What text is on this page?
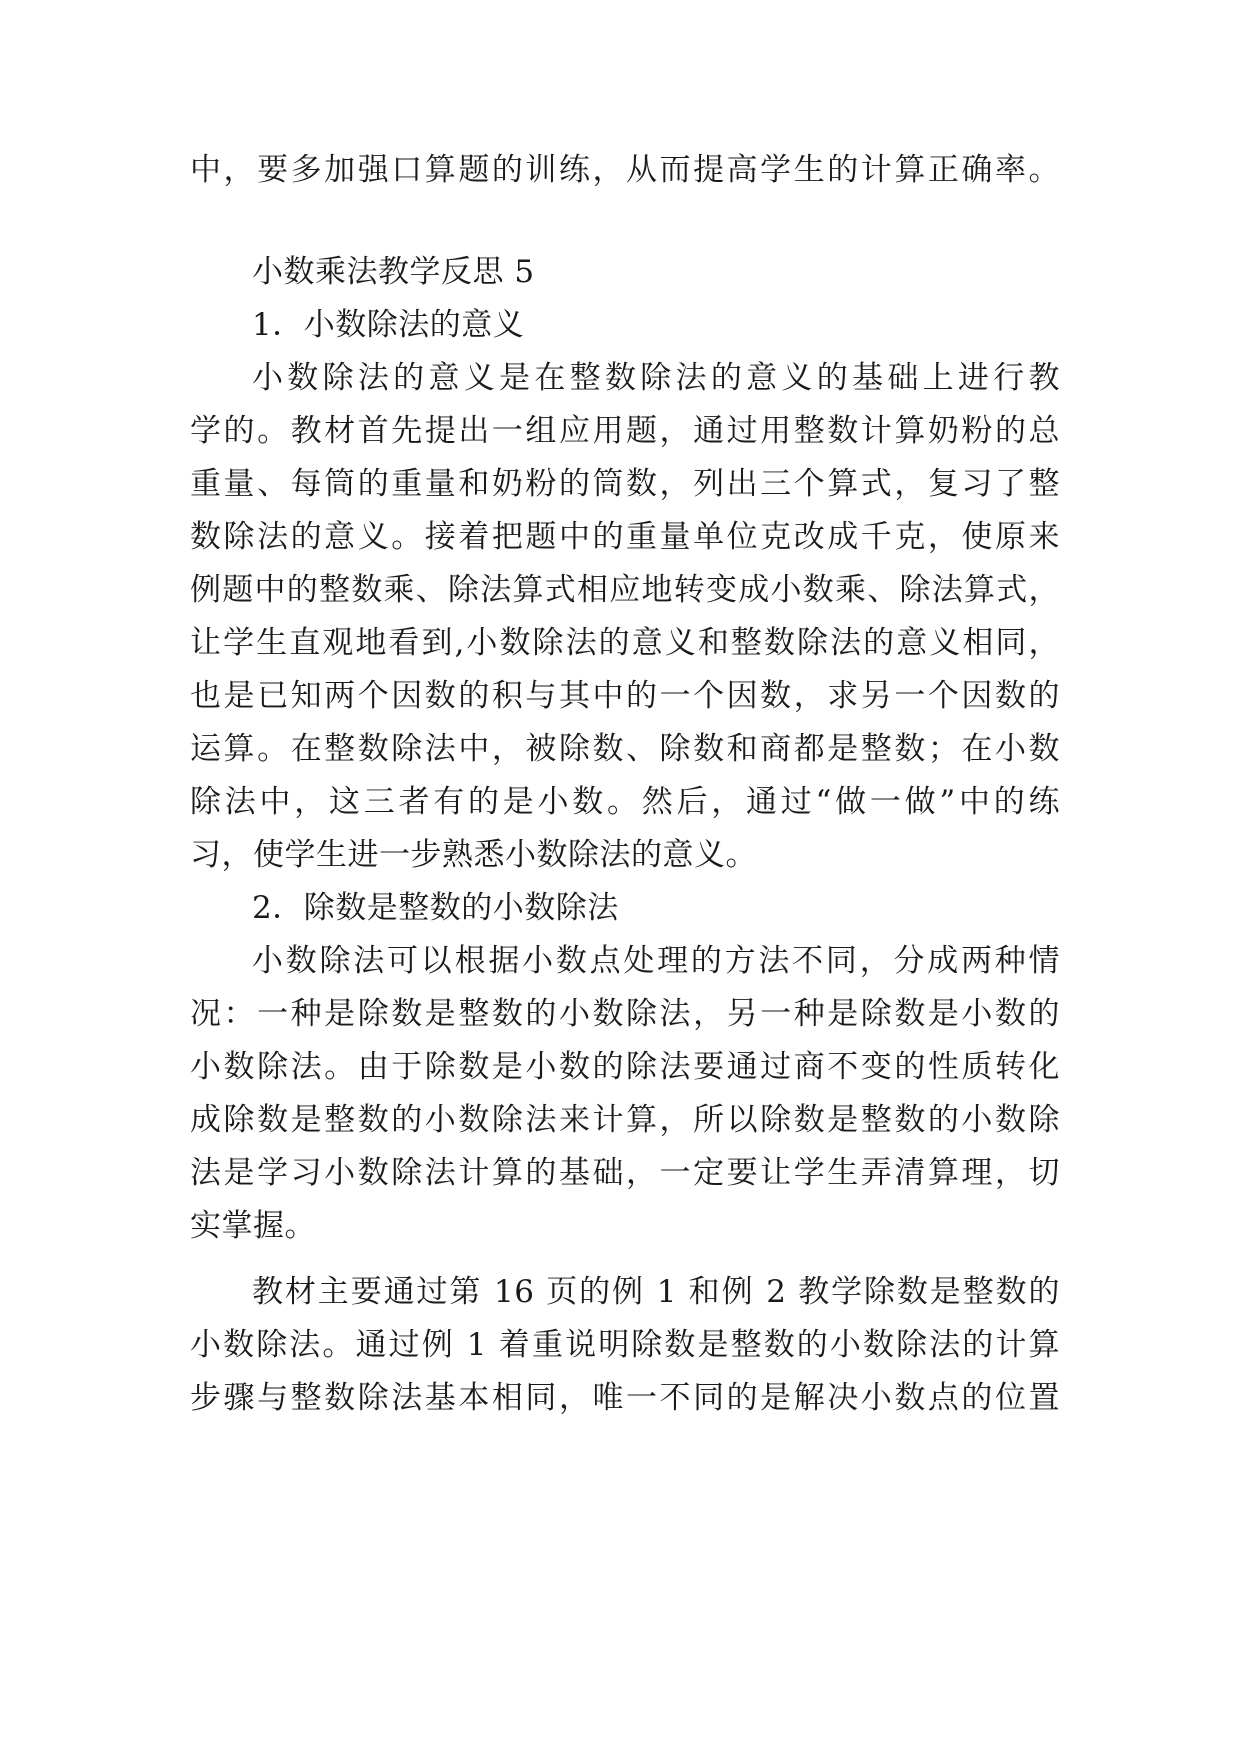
中，要多加强口算题的训练，从而提高学生的计算正确率。
小数乘法教学反思 5
1．小数除法的意义
小数除法的意义是在整数除法的意义的基础上进行教
学的。教材首先提出一组应用题，通过用整数计算奶粉的总
重量、每筒的重量和奶粉的筒数，列出三个算式，复习了整
数除法的意义。接着把题中的重量单位克改成千克，使原来
例题中的整数乘、除法算式相应地转变成小数乘、除法算式，
让学生直观地看到,小数除法的意义和整数除法的意义相同，
也是已知两个因数的积与其中的一个因数，求另一个因数的
运算。在整数除法中，被除数、除数和商都是整数；在小数
除法中，这三者有的是小数。然后，通过“做一做”中的练
习，使学生进一步熟悉小数除法的意义。
2．除数是整数的小数除法
小数除法可以根据小数点处理的方法不同，分成两种情
况：一种是除数是整数的小数除法，另一种是除数是小数的
小数除法。由于除数是小数的除法要通过商不变的性质转化
成除数是整数的小数除法来计算，所以除数是整数的小数除
法是学习小数除法计算的基础，一定要让学生弄清算理，切
实掌握。
教材主要通过第 16 页的例 1 和例 2 教学除数是整数的
小数除法。通过例 1 着重说明除数是整数的小数除法的计算
步骤与整数除法基本相同，唯一不同的是解决小数点的位置
